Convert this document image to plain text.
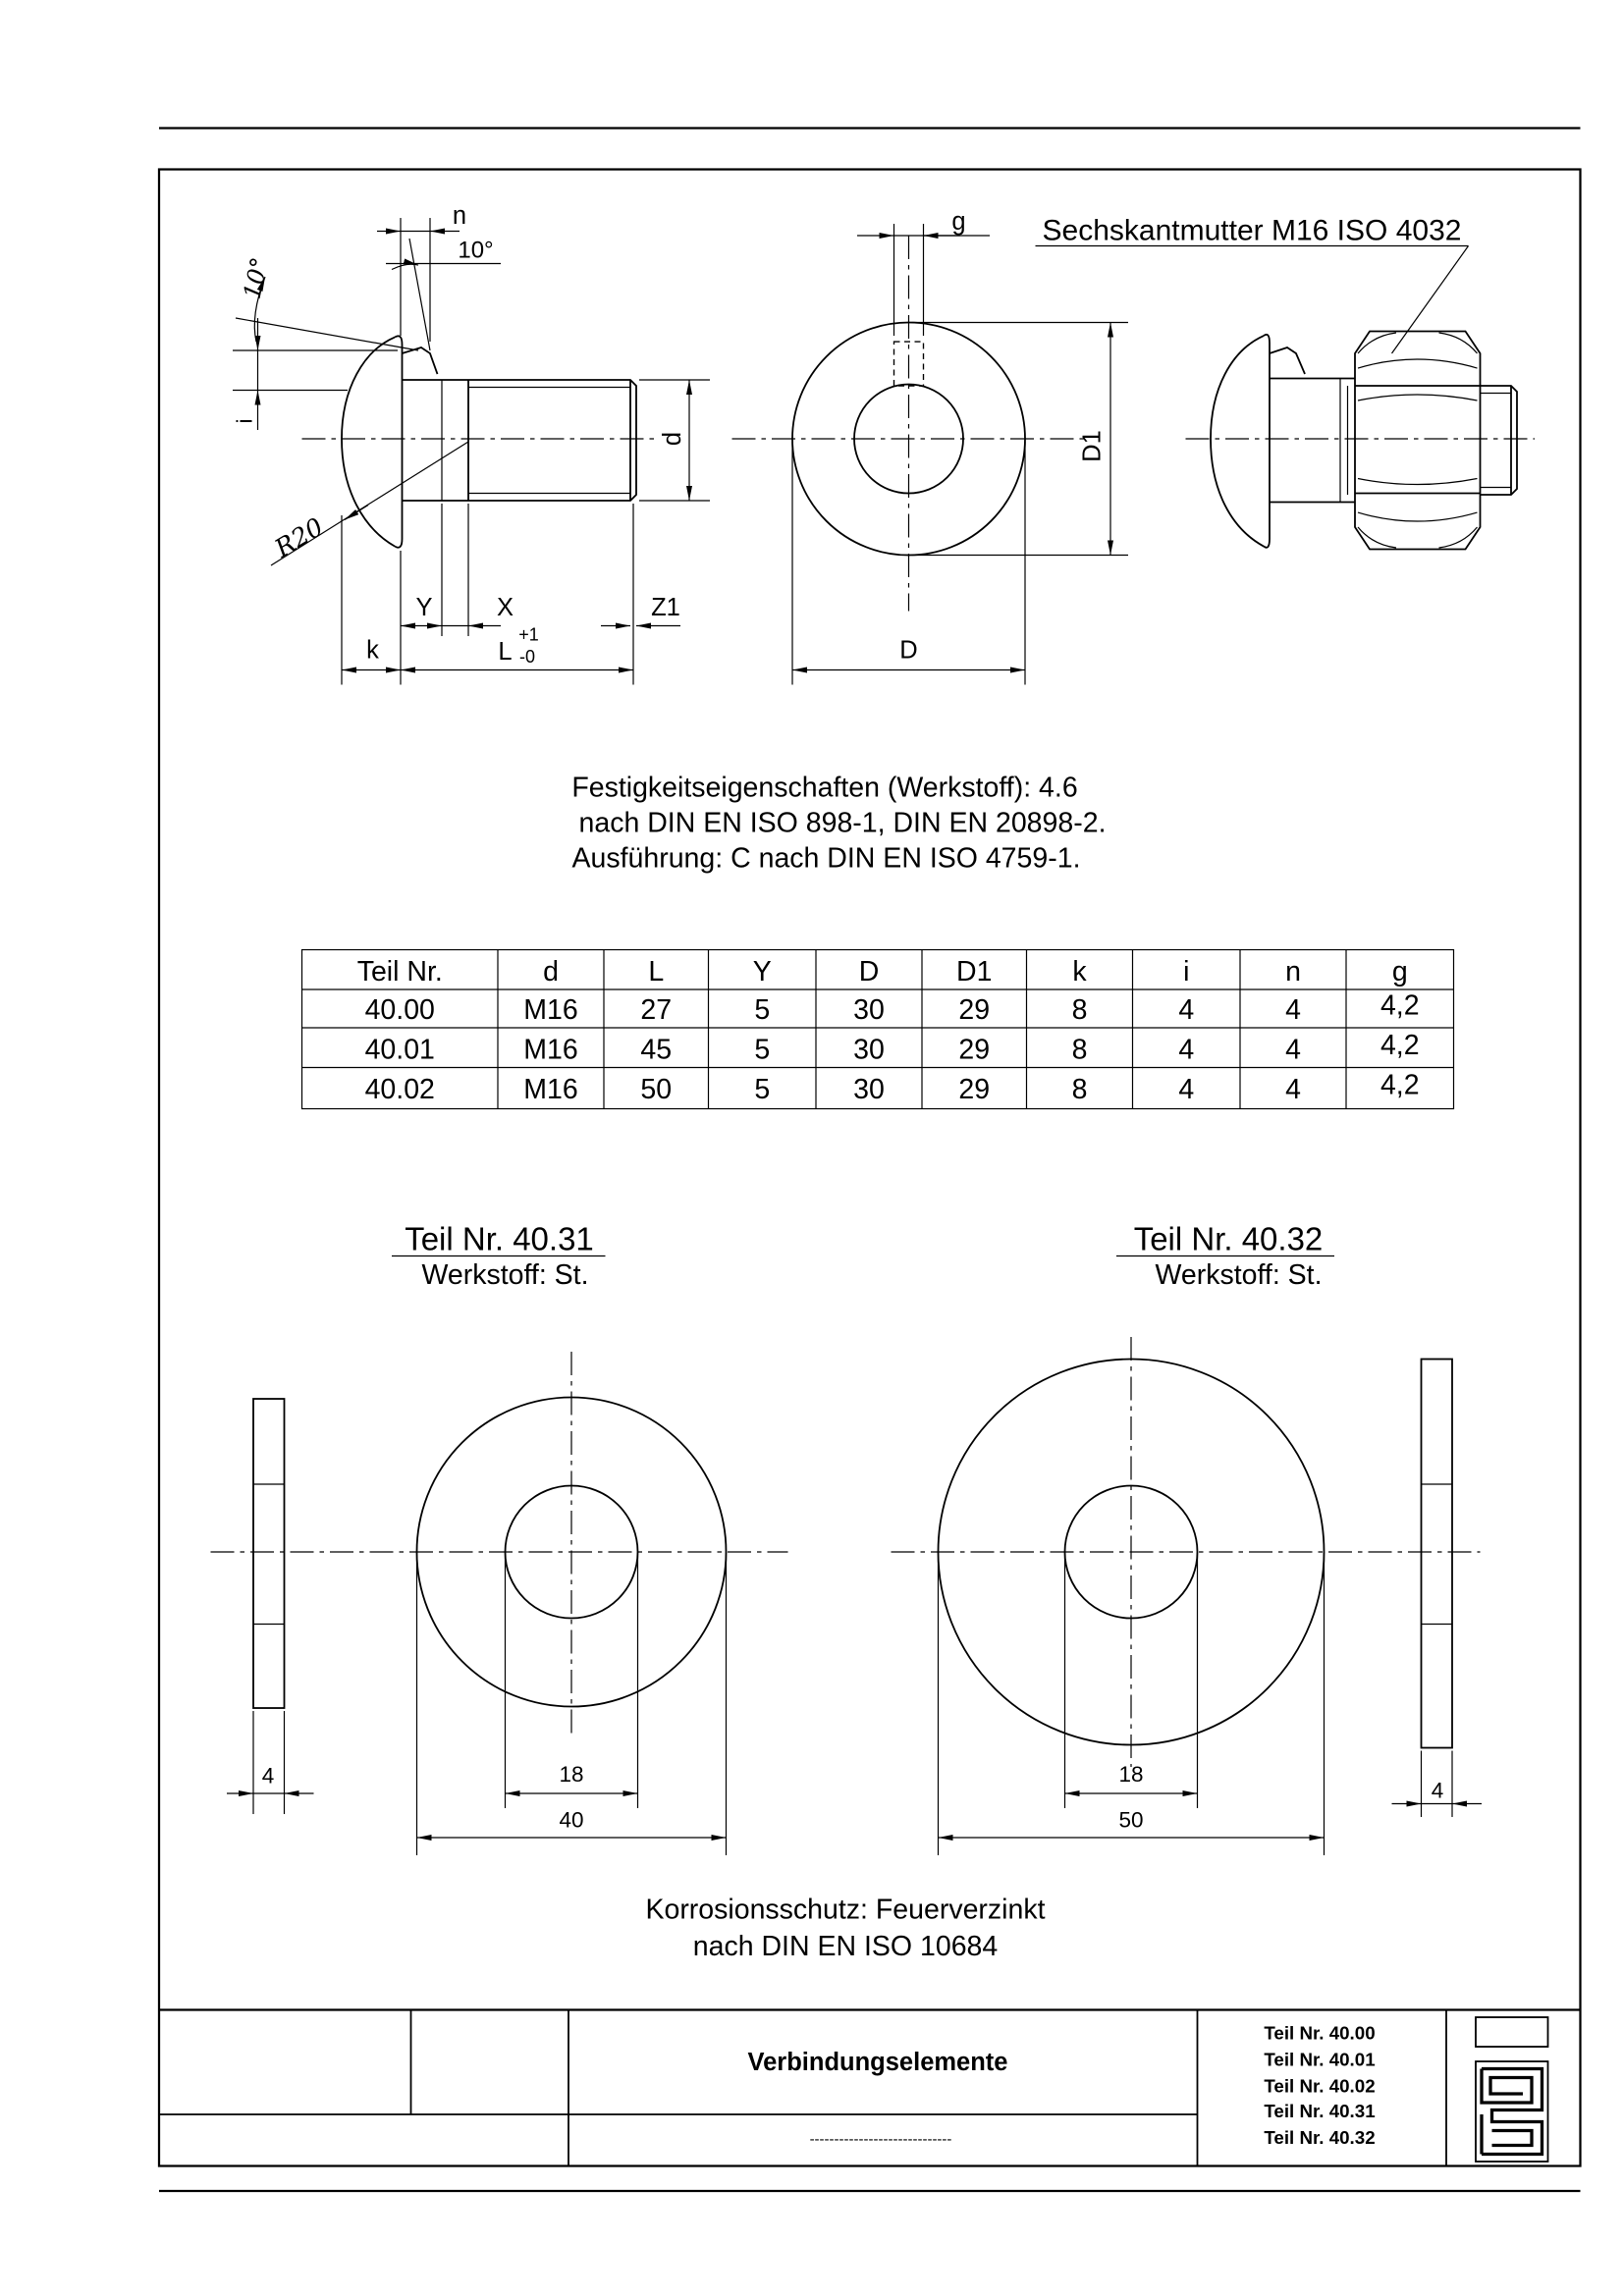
d
i
10°
n
10°
R20
Y	X	Z1
k	L
+1
-0
g
D1
D
Sechskantmutter M16 ISO 4032
Festigkeitseigenschaften (Werkstoff): 4.6
nach DIN EN ISO 898-1, DIN EN 20898-2.
Ausführung: C nach DIN EN ISO 4759-1.
Teil Nr.	d	L	Y	D	D1	k	i	n	g
40.00	M16	27	5	30	29	8	4	4	4,2
40.01	M16	45	5	30	29	8	4	4	4,2
40.02	M16	50	5	30	29	8	4	4	4,2
Teil Nr. 40.31
Werkstoff: St.
4	18
40
Teil Nr. 40.32
Werkstoff: St.
18
50
4
Korrosionsschutz: Feuerverzinkt
nach DIN EN ISO 10684
Verbindungselemente
-----------------------------
Teil Nr. 40.00
Teil Nr. 40.01
Teil Nr. 40.02
Teil Nr. 40.31
Teil Nr. 40.32
